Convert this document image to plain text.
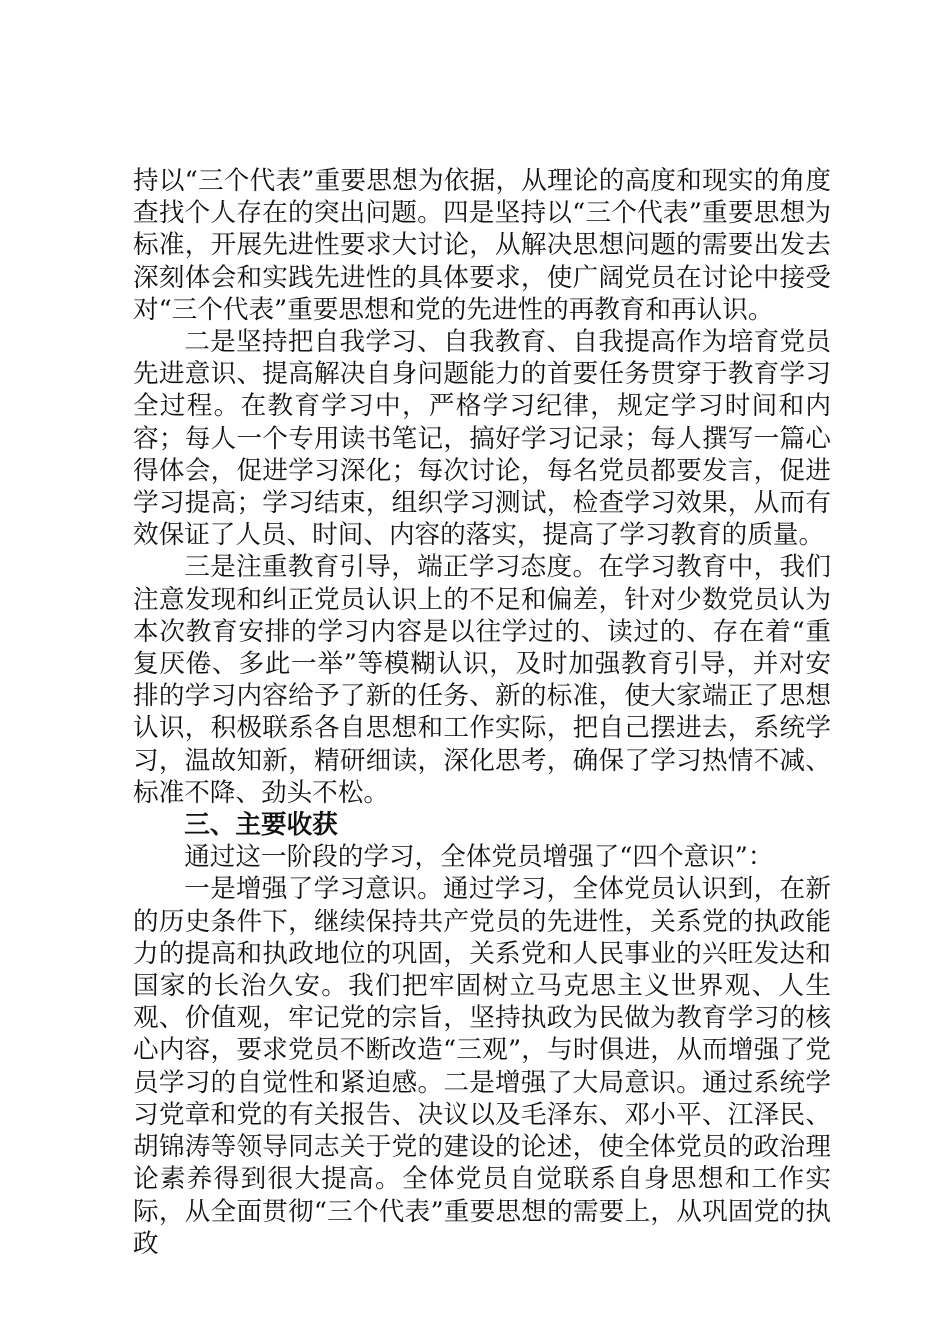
持以“三个代表”重要思想为依据，从理论的高度和现实的角度查找个人存在的突出问题。四是坚持以“三个代表”重要思想为标准，开展先进性要求大讨论，从解决思想问题的需要出发去深刻体会和实践先进性的具体要求，使广阔党员在讨论中接受对“三个代表”重要思想和党的先进性的再教育和再认识。

二是坚持把自我学习、自我教育、自我提高作为培育党员先进意识、提高解决自身问题能力的首要任务贯穿于教育学习全过程。在教育学习中，严格学习纪律，规定学习时间和内容；每人一个专用读书笔记，搞好学习记录；每人撰写一篇心得体会，促进学习深化；每次讨论，每名党员都要发言，促进学习提高；学习结束，组织学习测试，检查学习效果，从而有效保证了人员、时间、内容的落实，提高了学习教育的质量。

三是注重教育引导，端正学习态度。在学习教育中，我们注意发现和纠正党员认识上的不足和偏差，针对少数党员认为本次教育安排的学习内容是以往学过的、读过的、存在着“重复厌倦、多此一举”等模糊认识，及时加强教育引导，并对安排的学习内容给予了新的任务、新的标准，使大家端正了思想认识，积极联系各自思想和工作实际，把自己摆进去，系统学习，温故知新，精研细读，深化思考，确保了学习热情不减、标准不降、劲头不松。

三、主要收获

通过这一阶段的学习，全体党员增强了“四个意识”：

一是增强了学习意识。通过学习，全体党员认识到，在新的历史条件下，继续保持共产党员的先进性，关系党的执政能力的提高和执政地位的巩固，关系党和人民事业的兴旺发达和国家的长治久安。我们把牢固树立马克思主义世界观、人生观、价值观，牢记党的宗旨，坚持执政为民做为教育学习的核心内容，要求党员不断改造“三观”，与时俱进，从而增强了党员学习的自觉性和紧迫感。二是增强了大局意识。通过系统学习党章和党的有关报告、决议以及毛泽东、邓小平、江泽民、胡锦涛等领导同志关于党的建设的论述，使全体党员的政治理论素养得到很大提高。全体党员自觉联系自身思想和工作实际，从全面贯彻“三个代表”重要思想的需要上，从巩固党的执政
